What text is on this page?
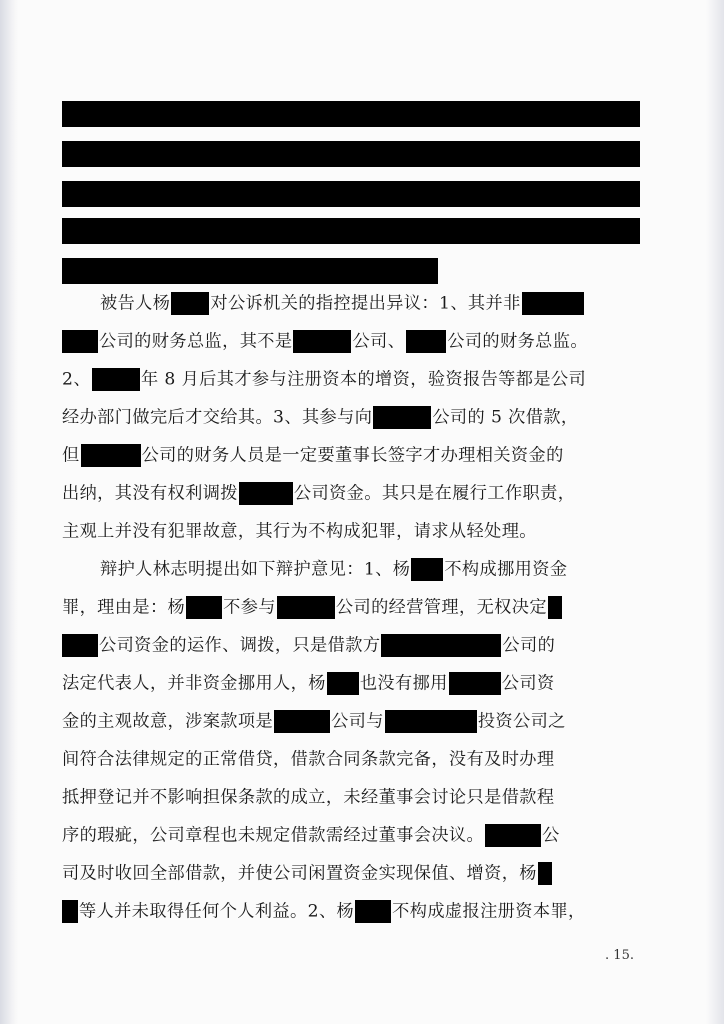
被告人杨 对公诉机关的指控提出异议：1、其并非
公司的财务总监，其不是	公司、 公司的财务总监。
2、	年 8 月后其才参与注册资本的增资，验资报告等都是公司
经办部门做完后才交给其。3、其参与向	公司的 5 次借款，
但	公司的财务人员是一定要董事长签字才办理相关资金的
出纳，其没有权利调拨	公司资金。其只是在履行工作职责，
主观上并没有犯罪故意，其行为不构成犯罪，请求从轻处理。
辩护人林志明提出如下辩护意见：1、杨 不构成挪用资金
罪，理由是：杨 不参与	公司的经营管理，无权决定
公司资金的运作、调拨，只是借款方	公司的
法定代表人，并非资金挪用人，杨 也没有挪用	公司资
金的主观故意，涉案款项是	公司与	投资公司之
间符合法律规定的正常借贷，借款合同条款完备，没有及时办理
抵押登记并不影响担保条款的成立，未经董事会讨论只是借款程
序的瑕疵，公司章程也未规定借款需经过董事会决议。	公
司及时收回全部借款，并使公司闲置资金实现保值、增资，杨
等人并未取得任何个人利益。2、杨 不构成虚报注册资本罪，
. 15.
